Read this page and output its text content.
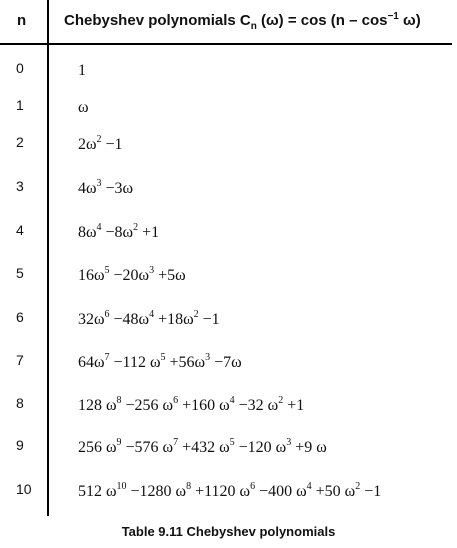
n	Chebyshev polynomials $C_n$ $(\omega) = \cos (n - \cos^{-1} \omega)$
0	1
1	ω
2	$2\omega^2 -1$
3	$4\omega^3 -3\omega$
4	$8\omega^4 -8\omega^2 +1$
5	$16\omega^5 -20\omega^3 +5\omega$
6	$32\omega^6 -48\omega^4 +18\omega^2 -1$
7	$64\omega^7 -112$ $\omega^5 +56\omega^3 -7\omega$
8	128 $\omega^8 -256$ $\omega^6 +160$ $\omega^4 -32$ $\omega^2 +1$
9	256 $\omega^9 -576$ $\omega^7 +432$ $\omega^5 -120$ $\omega^3 +9$ ω
10	512 $\omega^{10} -1280$ $\omega^8 +1120$ $\omega^6 -400$ $\omega^4 +50$ $\omega^2 -1$
Table 9.11 Chebyshev polynomials
